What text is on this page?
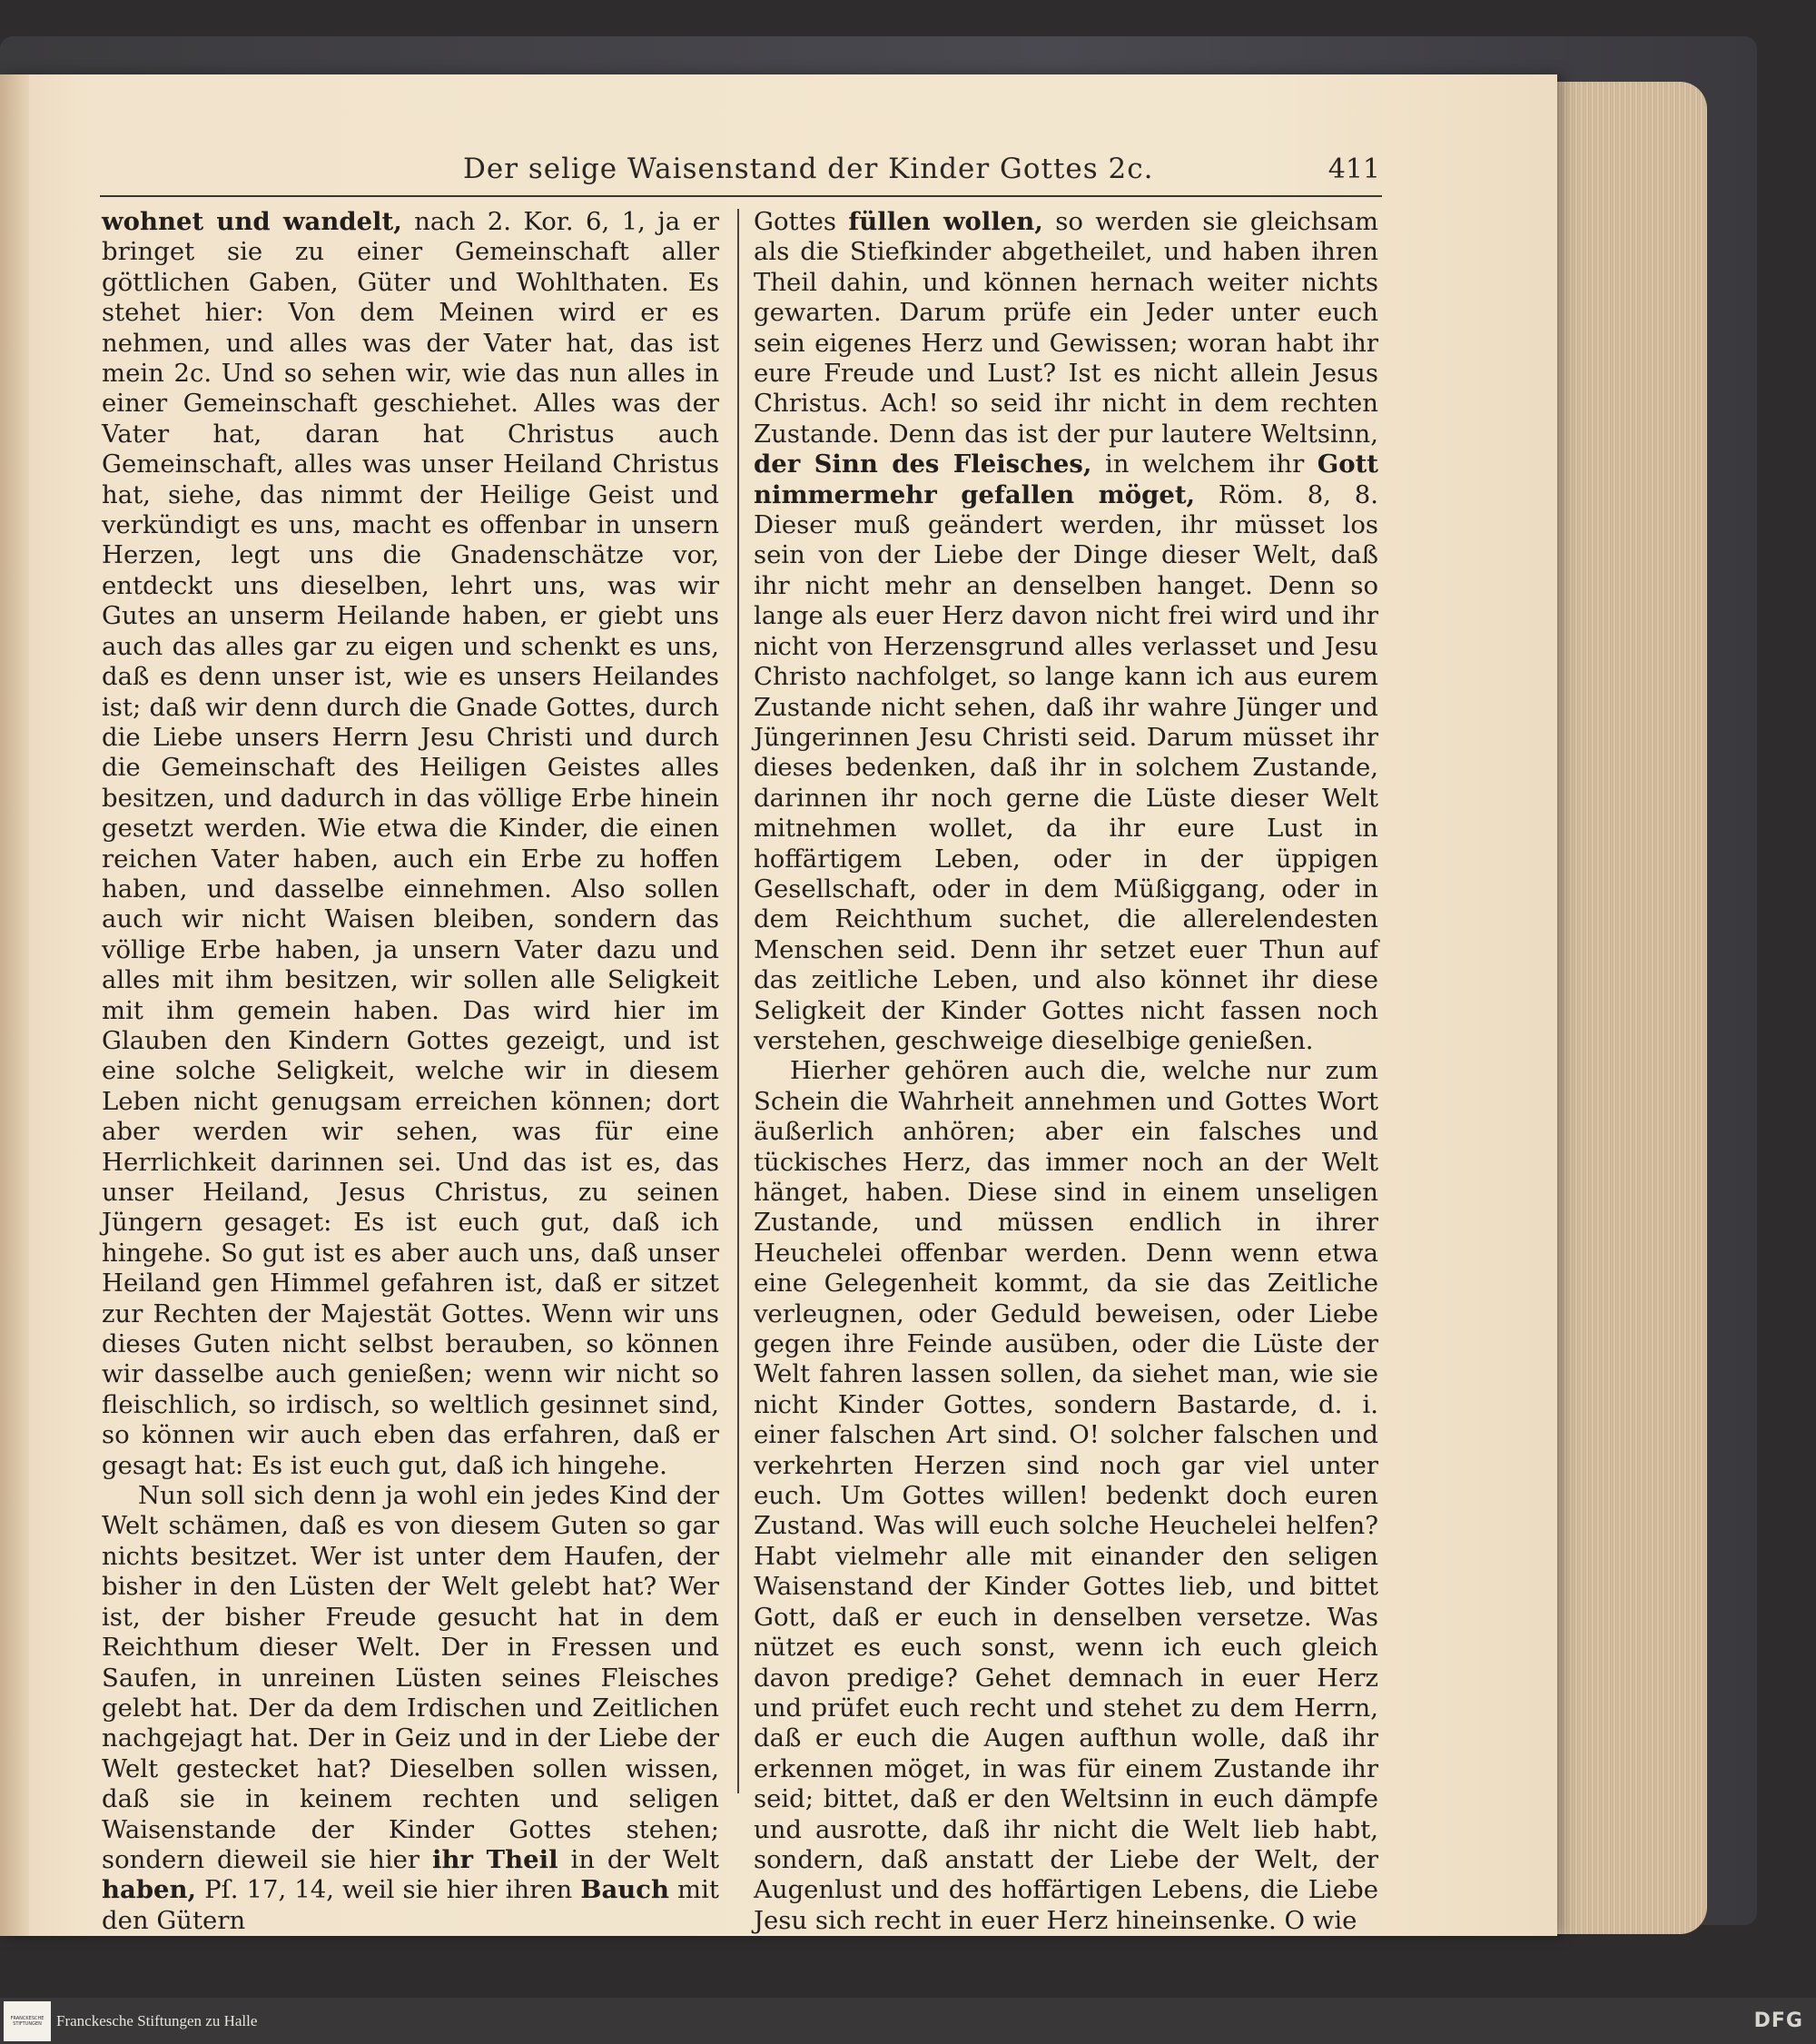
Der selige Waisenstand der Kinder Gottes 2c.	411

wohnet und wandelt, nach 2. Kor. 6, 1, ja er bringet sie zu einer Gemeinschaft aller göttlichen Gaben, Güter und Wohlthaten. Es stehet hier: Von dem Meinen wird er es nehmen, und alles was der Vater hat, das ist mein 2c. Und so sehen wir, wie das nun alles in einer Gemeinschaft geschiehet. Alles was der Vater hat, daran hat Christus auch Gemeinschaft, alles was unser Heiland Christus hat, siehe, das nimmt der Heilige Geist und verkündigt es uns, macht es offenbar in unsern Herzen, legt uns die Gnadenschätze vor, entdeckt uns dieselben, lehrt uns, was wir Gutes an unserm Heilande haben, er giebt uns auch das alles gar zu eigen und schenkt es uns, daß es denn unser ist, wie es unsers Heilandes ist; daß wir denn durch die Gnade Gottes, durch die Liebe unsers Herrn Jesu Christi und durch die Gemeinschaft des Heiligen Geistes alles besitzen, und dadurch in das völlige Erbe hinein gesetzt werden. Wie etwa die Kinder, die einen reichen Vater haben, auch ein Erbe zu hoffen haben, und dasselbe einnehmen. Also sollen auch wir nicht Waisen bleiben, sondern das völlige Erbe haben, ja unsern Vater dazu und alles mit ihm besitzen, wir sollen alle Seligkeit mit ihm gemein haben. Das wird hier im Glauben den Kindern Gottes gezeigt, und ist eine solche Seligkeit, welche wir in diesem Leben nicht genugsam erreichen können; dort aber werden wir sehen, was für eine Herrlichkeit darinnen sei. Und das ist es, das unser Heiland, Jesus Christus, zu seinen Jüngern gesaget: Es ist euch gut, daß ich hingehe. So gut ist es aber auch uns, daß unser Heiland gen Himmel gefahren ist, daß er sitzet zur Rechten der Majestät Gottes. Wenn wir uns dieses Guten nicht selbst berauben, so können wir dasselbe auch genießen; wenn wir nicht so fleischlich, so irdisch, so weltlich gesinnet sind, so können wir auch eben das erfahren, daß er gesagt hat: Es ist euch gut, daß ich hingehe.

Nun soll sich denn ja wohl ein jedes Kind der Welt schämen, daß es von diesem Guten so gar nichts besitzet. Wer ist unter dem Haufen, der bisher in den Lüsten der Welt gelebt hat? Wer ist, der bisher Freude gesucht hat in dem Reichthum dieser Welt. Der in Fressen und Saufen, in unreinen Lüsten seines Fleisches gelebt hat. Der da dem Irdischen und Zeitlichen nachgejagt hat. Der in Geiz und in der Liebe der Welt gestecket hat? Dieselben sollen wissen, daß sie in keinem rechten und seligen Waisenstande der Kinder Gottes stehen; sondern dieweil sie hier ihr Theil in der Welt haben, Pſ. 17, 14, weil sie hier ihren Bauch mit den Gütern

Gottes füllen wollen, so werden sie gleichsam als die Stiefkinder abgetheilet, und haben ihren Theil dahin, und können hernach weiter nichts gewarten. Darum prüfe ein Jeder unter euch sein eigenes Herz und Gewissen; woran habt ihr eure Freude und Lust? Ist es nicht allein Jesus Christus. Ach! so seid ihr nicht in dem rechten Zustande. Denn das ist der pur lautere Weltsinn, der Sinn des Fleisches, in welchem ihr Gott nimmermehr gefallen möget, Röm. 8, 8. Dieser muß geändert werden, ihr müsset los sein von der Liebe der Dinge dieser Welt, daß ihr nicht mehr an denselben hanget. Denn so lange als euer Herz davon nicht frei wird und ihr nicht von Herzensgrund alles verlasset und Jesu Christo nachfolget, so lange kann ich aus eurem Zustande nicht sehen, daß ihr wahre Jünger und Jüngerinnen Jesu Christi seid. Darum müsset ihr dieses bedenken, daß ihr in solchem Zustande, darinnen ihr noch gerne die Lüste dieser Welt mitnehmen wollet, da ihr eure Lust in hoffärtigem Leben, oder in der üppigen Gesellschaft, oder in dem Müßiggang, oder in dem Reichthum suchet, die allerelendesten Menschen seid. Denn ihr setzet euer Thun auf das zeitliche Leben, und also könnet ihr diese Seligkeit der Kinder Gottes nicht fassen noch verstehen, geschweige dieselbige genießen.

Hierher gehören auch die, welche nur zum Schein die Wahrheit annehmen und Gottes Wort äußerlich anhören; aber ein falsches und tückisches Herz, das immer noch an der Welt hänget, haben. Diese sind in einem unseligen Zustande, und müssen endlich in ihrer Heuchelei offenbar werden. Denn wenn etwa eine Gelegenheit kommt, da sie das Zeitliche verleugnen, oder Geduld beweisen, oder Liebe gegen ihre Feinde ausüben, oder die Lüste der Welt fahren lassen sollen, da siehet man, wie sie nicht Kinder Gottes, sondern Bastarde, d. i. einer falschen Art sind. O! solcher falschen und verkehrten Herzen sind noch gar viel unter euch. Um Gottes willen! bedenkt doch euren Zustand. Was will euch solche Heuchelei helfen? Habt vielmehr alle mit einander den seligen Waisenstand der Kinder Gottes lieb, und bittet Gott, daß er euch in denselben versetze. Was nützet es euch sonst, wenn ich euch gleich davon predige? Gehet demnach in euer Herz und prüfet euch recht und stehet zu dem Herrn, daß er euch die Augen aufthun wolle, daß ihr erkennen möget, in was für einem Zustande ihr seid; bittet, daß er den Weltsinn in euch dämpfe und ausrotte, daß ihr nicht die Welt lieb habt, sondern, daß anstatt der Liebe der Welt, der Augenlust und des hoffärtigen Lebens, die Liebe Jesu sich recht in euer Herz hineinsenke. O wie

FRANCKESCHE STIFTUNGEN Franckesche Stiftungen zu Halle	DFG
